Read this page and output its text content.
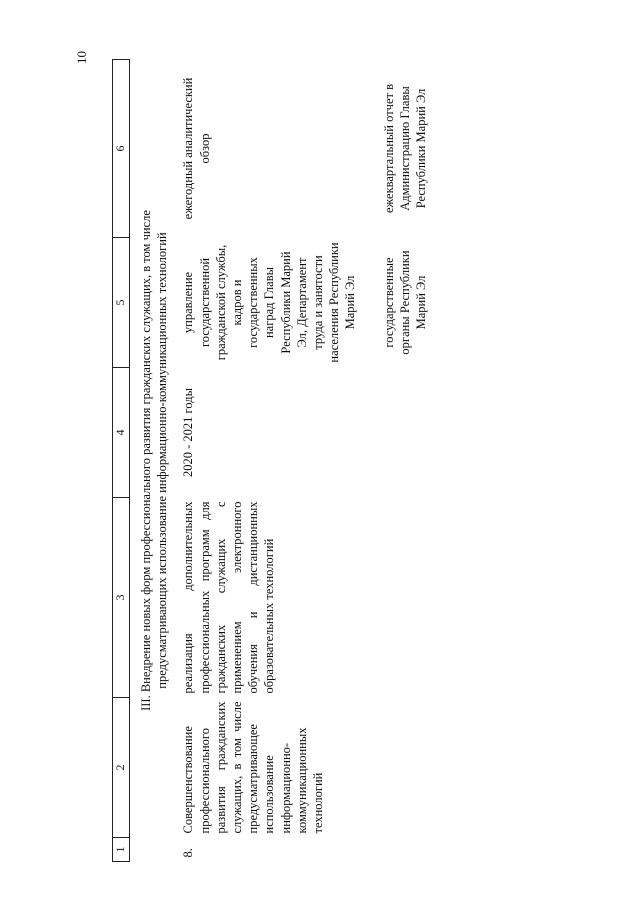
10
1	2	3	4	5	6

III. Внедрение новых форм профессионального развития гражданских служащих, в том числе предусматривающих использование информационно-коммуникационных технологий					

8.	Совершенствование профессионального развития гражданских служащих, в том числе предусматривающее использование информационно-коммуникационных технологий	реализация дополнительных профессиональных программ для гражданских служащих с применением электронного обучения и дистанционных образовательных технологий	2020 - 2021 годы	управление государственной гражданской службы, кадров и государственных наград Главы Республики Марий Эл, Департамент труда и занятости населения Республики Марий Эл	ежегодный аналитический обзор

				государственные органы Республики Марий Эл	ежеквартальный отчет в Администрацию Главы Республики Марий Эл
